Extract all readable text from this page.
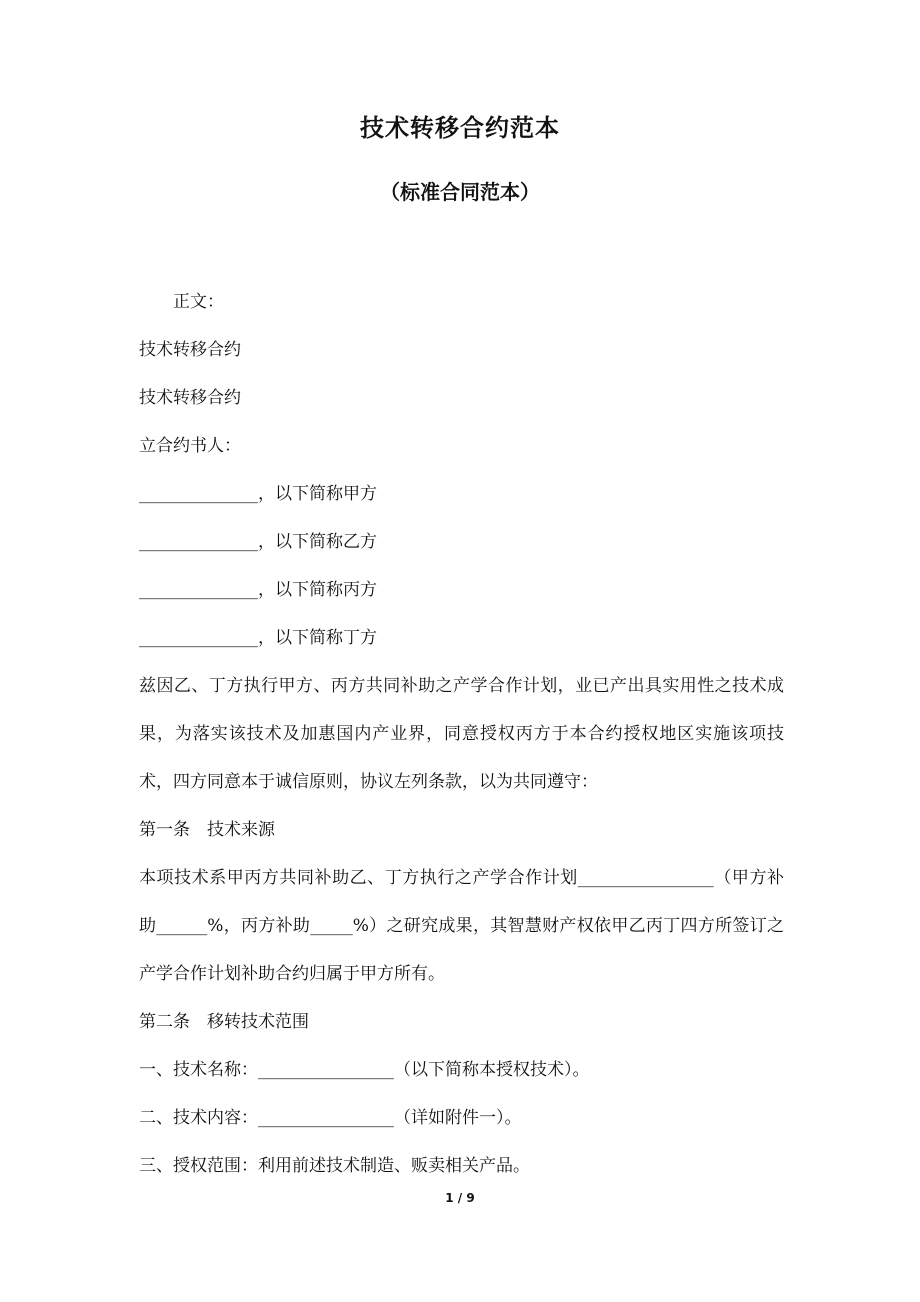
技术转移合约范本
（标准合同范本）

正文：

技术转移合约

技术转移合约

立合约书人：

______________，以下简称甲方

______________，以下简称乙方

______________，以下简称丙方

______________，以下简称丁方

兹因乙、丁方执行甲方、丙方共同补助之产学合作计划，业已产出具实用性之技术成果，为落实该技术及加惠国内产业界，同意授权丙方于本合约授权地区实施该项技术，四方同意本于诚信原则，协议左列条款，以为共同遵守：

第一条　技术来源

本项技术系甲丙方共同补助乙、丁方执行之产学合作计划________________（甲方补助______%，丙方补助_____%）之研究成果，其智慧财产权依甲乙丙丁四方所签订之产学合作计划补助合约归属于甲方所有。

第二条　移转技术范围

一、技术名称：________________（以下简称本授权技术）。

二、技术内容：________________（详如附件一）。

三、授权范围：利用前述技术制造、贩卖相关产品。

1 / 9
